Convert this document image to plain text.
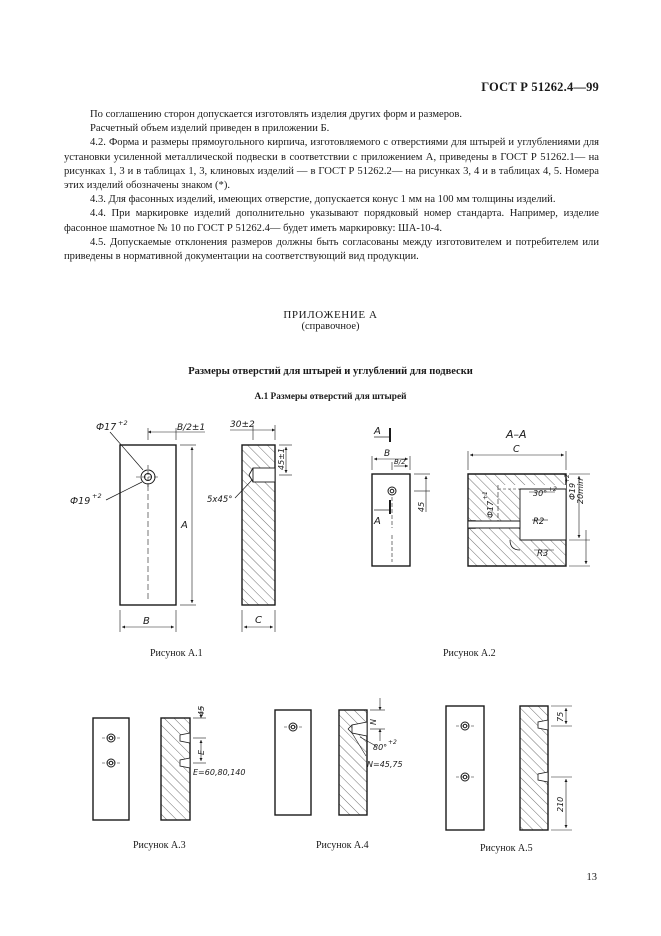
ГОСТ Р 51262.4—99

По соглашению сторон допускается изготовлять изделия других форм и размеров.

Расчетный объем изделий приведен в приложении Б.

4.2. Форма и размеры прямоугольного кирпича, изготовляемого с отверстиями для штырей и углублениями для установки усиленной металлической подвески в соответствии с приложением А, приведены в ГОСТ Р 51262.1— на рисунках 1, 3 и в таблицах 1, 3, клиновых изделий — в ГОСТ Р 51262.2— на рисунках 3, 4 и в таблицах 4, 5. Номера этих изделий обозначены знаком (*).

4.3. Для фасонных изделий, имеющих отверстие, допускается конус 1 мм на 100 мм толщины изделий.

4.4. При маркировке изделий дополнительно указывают порядковый номер стандарта. Например, изделие фасонное шамотное № 10 по ГОСТ Р 51262.4— будет иметь маркировку: ША-10-4.

4.5. Допускаемые отклонения размеров должны быть согласованы между изготовителем и потребителем или приведены в нормативной документации на соответствующий вид продукции.

ПРИЛОЖЕНИЕ А
(справочное)
Размеры отверстий для штырей и углублений для подвески
А.1 Размеры отверстий для штырей
Ф17 +2
Ф19 +2
B/2±1
A
B
30±2
45±1
5х45°
C
A
A
B
B/2
45
А–А
C
30° +2
Ф17
+1	Ф19
+2
20min
R2
R3
45
E
E=60,80,140
N
80°
+2
N=45,75
75
210
Рисунок А.1	Рисунок А.2
Рисунок А.3	Рисунок А.4	Рисунок А.5
13
